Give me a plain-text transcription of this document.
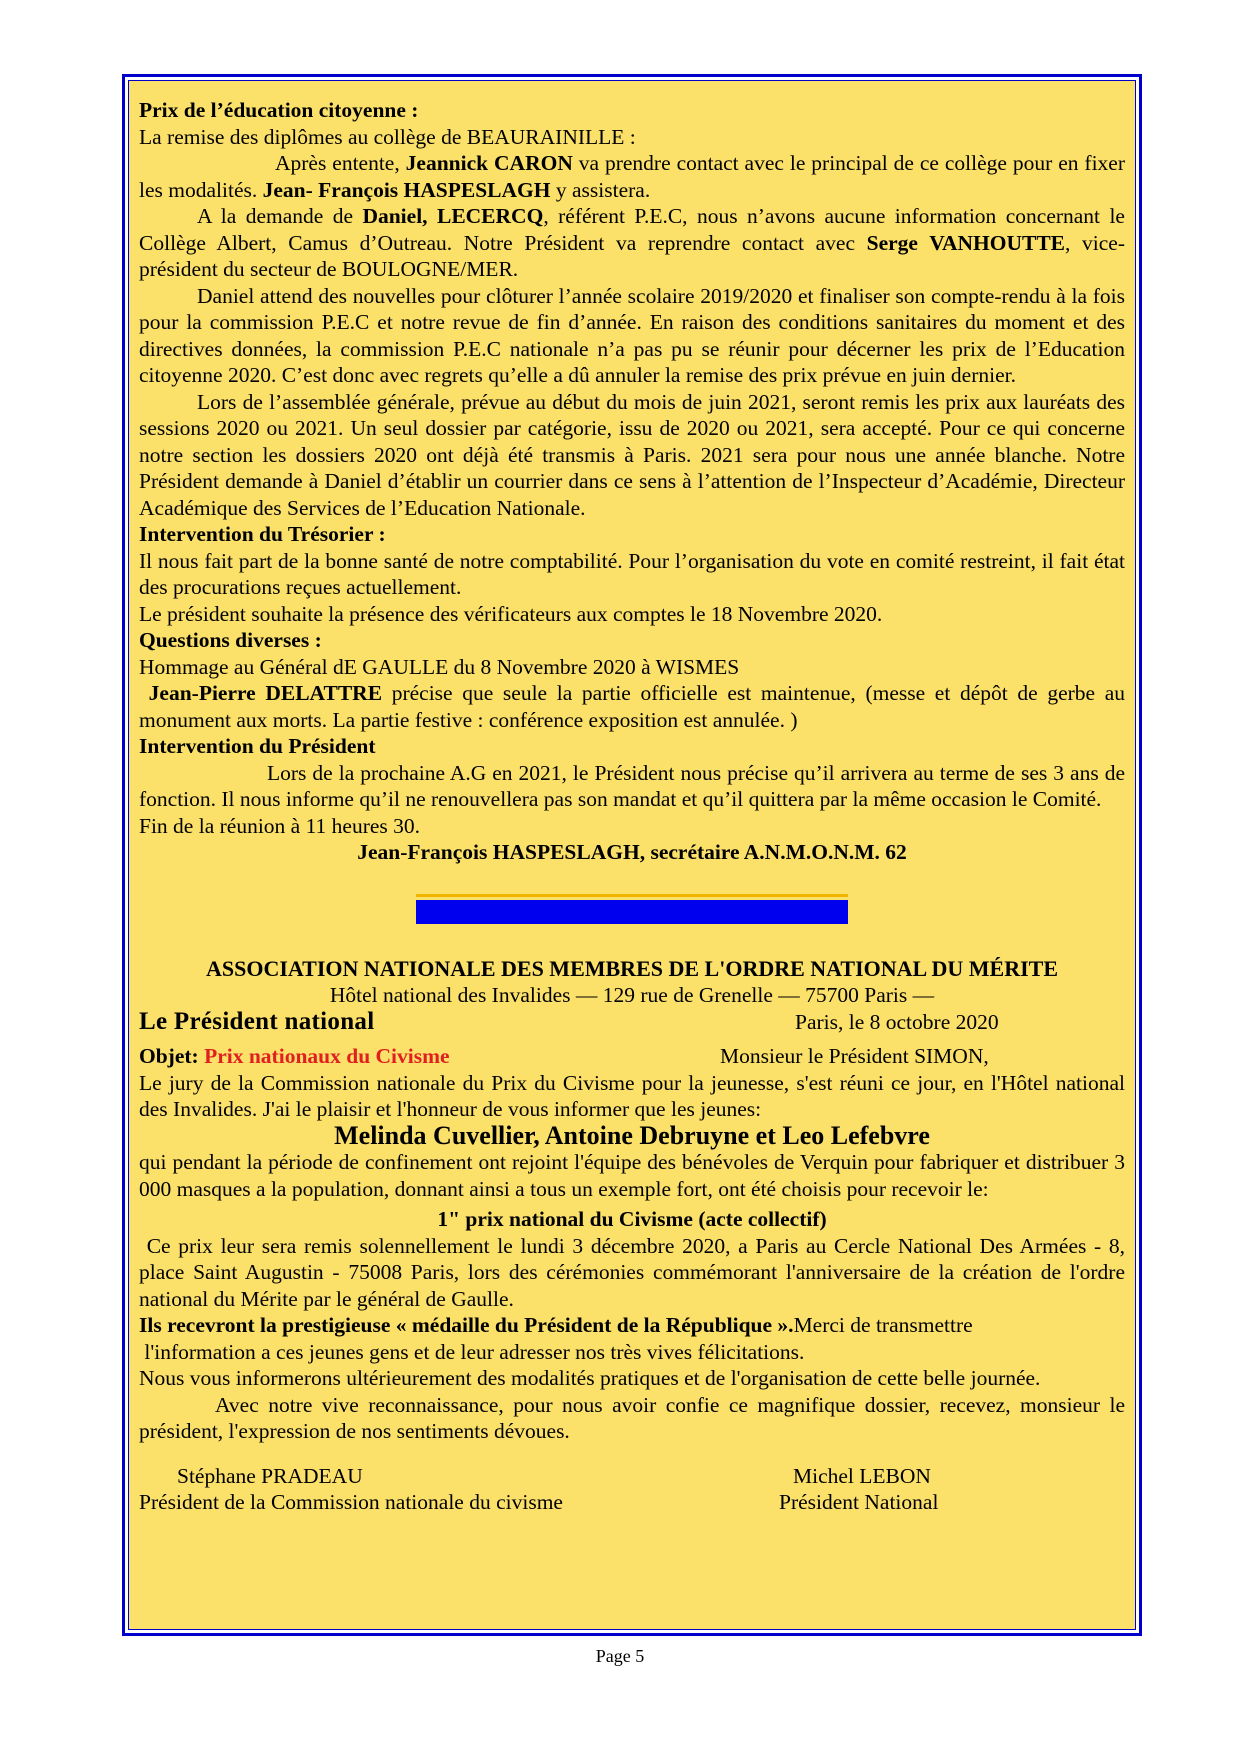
Prix de l’éducation citoyenne :

La remise des diplômes au collège de BEAURAINILLE :

Après entente, Jeannick CARON va prendre contact avec le principal de ce collège pour en fixer les modalités. Jean- François HASPESLAGH y assistera.

A la demande de Daniel, LECERCQ, référent P.E.C, nous n’avons aucune information concernant le Collège Albert, Camus d’Outreau. Notre Président va reprendre contact avec Serge VANHOUTTE, vice-président du secteur de BOULOGNE/MER.

Daniel attend des nouvelles pour clôturer l’année scolaire 2019/2020 et finaliser son compte-rendu à la fois pour la commission P.E.C et notre revue de fin d’année. En raison des conditions sanitaires du moment et des directives données, la commission P.E.C nationale n’a pas pu se réunir pour décerner les prix de l’Education citoyenne 2020. C’est donc avec regrets qu’elle a dû annuler la remise des prix prévue en juin dernier.

Lors de l’assemblée générale, prévue au début du mois de juin 2021, seront remis les prix aux lauréats des sessions 2020 ou 2021. Un seul dossier par catégorie, issu de 2020 ou 2021, sera accepté. Pour ce qui concerne notre section les dossiers 2020 ont déjà été transmis à Paris. 2021 sera pour nous une année blanche. Notre Président demande à Daniel d’établir un courrier dans ce sens à l’attention de l’Inspecteur d’Académie, Directeur Académique des Services de l’Education Nationale.

Intervention du Trésorier :

Il nous fait part de la bonne santé de notre comptabilité. Pour l’organisation du vote en comité restreint, il fait état des procurations reçues actuellement.

Le président souhaite la présence des vérificateurs aux comptes le 18 Novembre 2020.

Questions diverses :

Hommage au Général dE GAULLE du 8 Novembre 2020 à WISMES

Jean-Pierre DELATTRE précise que seule la partie officielle est maintenue, (messe et dépôt de gerbe au monument aux morts. La partie festive : conférence exposition est annulée. )

Intervention du Président

Lors de la prochaine A.G en 2021, le Président nous précise qu’il arrivera au terme de ses 3 ans de fonction. Il nous informe qu’il ne renouvellera pas son mandat et qu’il quittera par la même occasion le Comité.

Fin de la réunion à 11 heures 30.

Jean-François HASPESLAGH, secrétaire A.N.M.O.N.M. 62

ASSOCIATION NATIONALE DES MEMBRES DE L'ORDRE NATIONAL DU MÉRITE

Hôtel national des Invalides — 129 rue de Grenelle — 75700 Paris —

Le Président national	Paris, le 8 octobre 2020
Objet: Prix nationaux du Civisme	Monsieur le Président SIMON,

Le jury de la Commission nationale du Prix du Civisme pour la jeunesse, s'est réuni ce jour, en l'Hôtel national des Invalides. J'ai le plaisir et l'honneur de vous informer que les jeunes:

Melinda Cuvellier, Antoine Debruyne et Leo Lefebvre

qui pendant la période de confinement ont rejoint l'équipe des bénévoles de Verquin pour fabriquer et distribuer 3 000 masques a la population, donnant ainsi a tous un exemple fort, ont été choisis pour recevoir le:

1" prix national du Civisme (acte collectif)

Ce prix leur sera remis solennellement le lundi 3 décembre 2020, a Paris au Cercle National Des Armées - 8, place Saint Augustin - 75008 Paris, lors des cérémonies commémorant l'anniversaire de la création de l'ordre national du Mérite par le général de Gaulle.

Ils recevront la prestigieuse « médaille du Président de la République ».Merci de transmettre
l'information a ces jeunes gens et de leur adresser nos très vives félicitations.

Nous vous informerons ultérieurement des modalités pratiques et de l'organisation de cette belle journée.

Avec notre vive reconnaissance, pour nous avoir confie ce magnifique dossier, recevez, monsieur le président, l'expression de nos sentiments dévoues.

Stéphane PRADEAU
Président de la Commission nationale du civisme
Michel LEBON
Président National
Page 5
